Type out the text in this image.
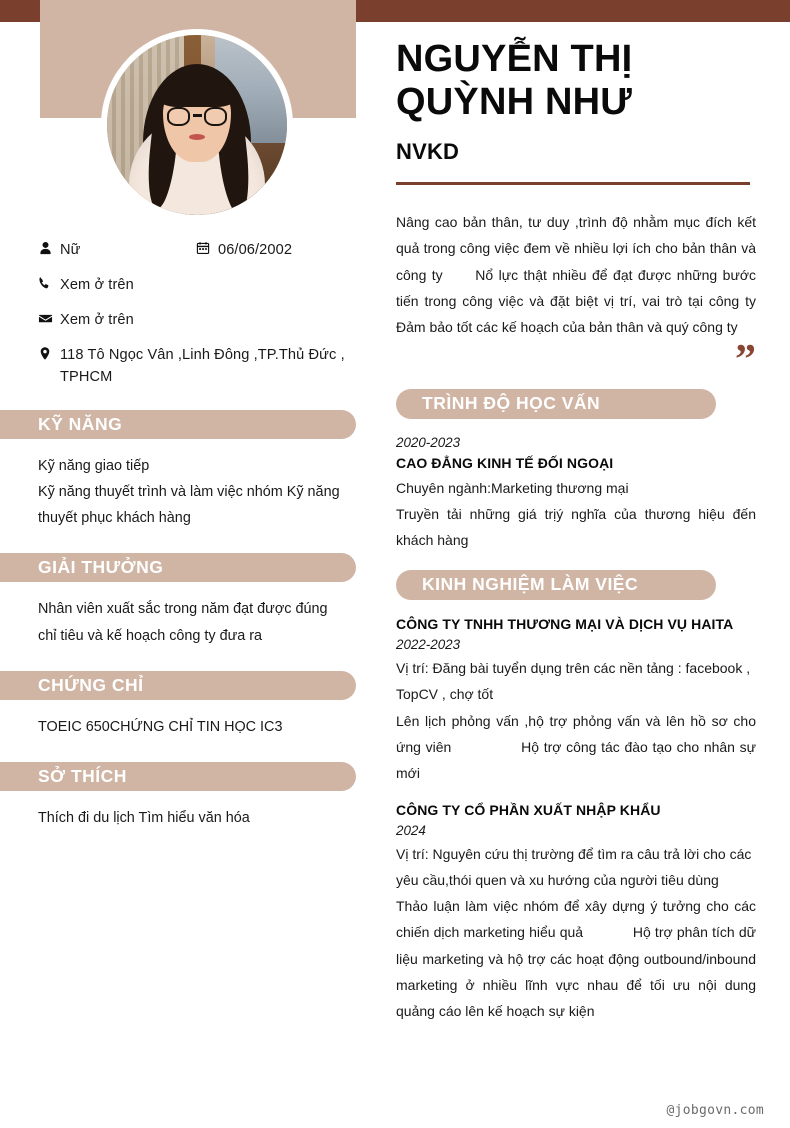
Nữ	06/06/2002
Xem ở trên
Xem ở trên
118 Tô Ngọc Vân ,Linh Đông ,TP.Thủ Đức , TPHCM
KỸ NĂNG

Kỹ năng giao tiếp

Kỹ năng thuyết trình và làm việc nhóm Kỹ năng thuyết phục khách hàng

GIẢI THƯỞNG

Nhân viên xuất sắc trong năm đạt được đúng chỉ tiêu và kế hoạch công ty đưa ra

CHỨNG CHỈ

TOEIC 650CHỨNG CHỈ TIN HỌC IC3

SỞ THÍCH

Thích đi du lịch Tìm hiểu văn hóa

NGUYỄN THỊ
QUỲNH NHƯ
NVKD
Nâng cao bản thân, tư duy ,trình độ nhằm mục đích kết quả trong công việc đem về nhiều lợi ích cho bản thân và công ty      Nổ lực thật nhiều để đạt được những bước tiến trong công việc và đặt biệt vị trí, vai trò tại công ty   Đảm bảo tốt các kế hoạch của bản thân và quý công ty
”
TRÌNH ĐỘ HỌC VẤN
2020-2023
CAO ĐẲNG KINH TẾ ĐỐI NGOẠI
Chuyên ngành:Marketing thương mại
Truyền tải những giá trịý nghĩa của thương hiệu đến khách hàng
KINH NGHIỆM LÀM VIỆC
CÔNG TY TNHH THƯƠNG MẠI VÀ DỊCH VỤ HAITA
2022-2023
Vị trí: Đăng bài tuyển dụng trên các nền tảng : facebook , TopCV , chợ tốt
Lên lịch phỏng vấn ,hộ trợ phỏng vấn và lên hồ sơ cho ứng viên               Hộ trợ công tác đào tạo cho nhân sự mới
CÔNG TY CỔ PHẦN XUẤT NHẬP KHẨU
2024
Vị trí: Nguyên cứu thị trường để tìm ra câu trả lời cho các yêu cầu,thói quen và xu hướng của người tiêu dùng
Thảo luận làm việc nhóm để xây dựng ý tưởng cho các chiến dịch marketing hiểu quả            Hộ trợ phân tích dữ liệu marketing và hộ trợ các hoạt động outbound/inbound marketing ở nhiều lĩnh vực nhau để tối ưu nội dung quảng cáo lên kế hoạch sự kiện
@jobgovn.com
